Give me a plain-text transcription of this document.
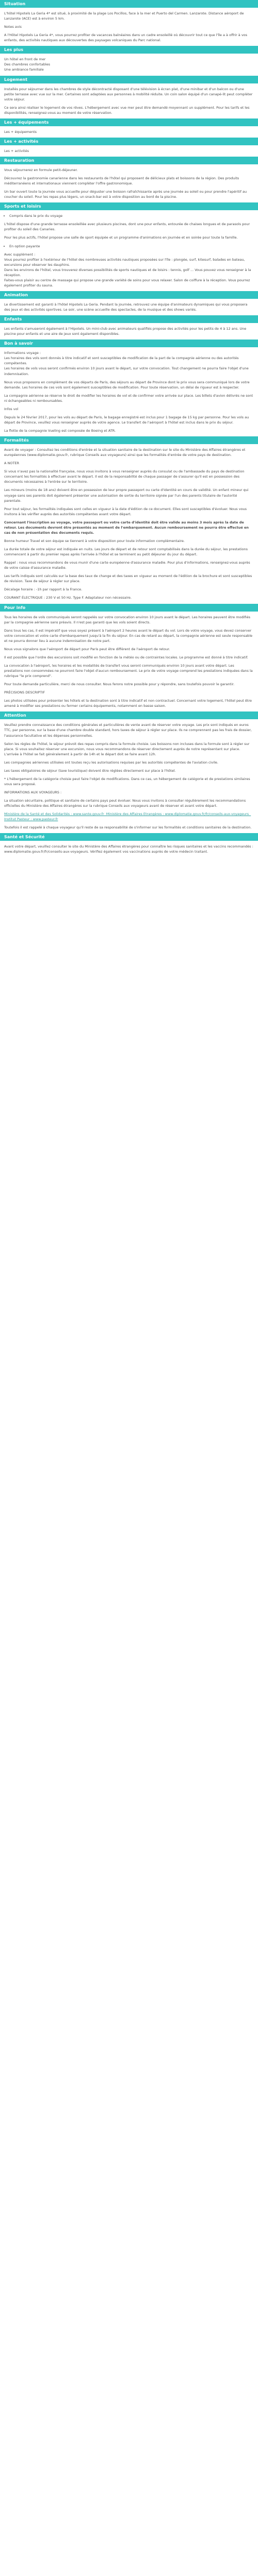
Situation
L'hôtel Hipotels La Geria 4* est situé, à proximité de la plage Los Pocillos, face à la mer et Puerto del Carmen. Lanzarote. Distance aéroport de Lanzarote (ACE) est à environ 5 km.
Notes avis
A l'Hôtel Hipotels La Geria 4*, vous pourrez profiter de vacances balnéaires dans un cadre ensoleillé où découvrir tout ce que l'île a à offrir à vos enfants, des activités nautiques aux découvertes des paysages volcaniques du Parc national.
Les plus
Un hôtel en front de mer
Des chambres confortables
Une ambiance familiale
Logement
Installés pour séjourner dans les chambres de style décontracté disposant d'une télévision à écran plat, d'une minibar et d'un balcon ou d'une petite terrasse avec vue sur la mer. Certaines sont adaptées aux personnes à mobilité réduite. Un coin salon équipé d'un canapé-lit peut compléter votre séjour.
Ce sera ainsi réaliser le logement de vos rêves. L'hébergement avec vue mer peut être demandé moyennant un supplément. Pour les tarifs et les disponibilités, renseignez-vous au moment de votre réservation.
Les + équipements
Les + équipements
Les + activités
Les + activités
Restauration
Vous séjournerez en formule petit-déjeuner.
Découvrez la gastronomie canarienne dans les restaurants de l'hôtel qui proposent de délicieux plats et boissons de la région. Des produits méditerranéens et internationaux viennent compléter l'offre gastronomique.
Un bar ouvert toute la journée vous accueille pour déguster une boisson rafraîchissante après une journée au soleil ou pour prendre l'apéritif au coucher du soleil. Pour les repas plus légers, un snack-bar est à votre disposition au bord de la piscine.
Sports et loisirs
• Compris dans le prix du voyage
L'hôtel dispose d'une grande terrasse ensoleillée avec plusieurs piscines, dont une pour enfants, entourée de chaises longues et de parasols pour profiter du soleil des Canaries.
Pour les plus actifs, l'hôtel propose une salle de sport équipée et un programme d'animations en journée et en soirée pour toute la famille.
• En option payante
Avec supplément :
Vous pourrez profiter à l'extérieur de l'hôtel des nombreuses activités nautiques proposées sur l'île : plongée, surf, kitesurf, balades en bateau, excursions pour observer les dauphins.
Dans les environs de l'hôtel, vous trouverez diverses possibilités de sports nautiques et de loisirs : tennis, golf ... Vous pouvez vous renseigner à la réception.
Faites-vous plaisir au centre de massage qui propose une grande variété de soins pour vous relaxer. Salon de coiffure à la réception. Vous pourrez également profiter du sauna.
Animation
Le divertissement est garanti à l'hôtel Hipotels La Geria. Pendant la journée, retrouvez une équipe d'animateurs dynamiques qui vous proposera des jeux et des activités sportives. Le soir, une scène accueille des spectacles, de la musique et des shows variés.
Enfants
Les enfants s'amuseront également à l'Hipotels. Un mini-club avec animateurs qualifiés propose des activités pour les petits de 4 à 12 ans. Une piscine pour enfants et une aire de jeux sont également disponibles.
Bon à savoir
Informations voyage :
Les horaires des vols sont donnés à titre indicatif et sont susceptibles de modification de la part de la compagnie aérienne ou des autorités compétentes.
Les horaires de vols vous seront confirmés environ 10 jours avant le départ, sur votre convocation. Tout changement ne pourra faire l'objet d'une indemnisation.
Nous vous proposons en complément de vos départs de Paris, des séjours au départ de Province dont le prix vous sera communiqué lors de votre demande. Les horaires de ces vols sont également susceptibles de modification. Pour toute réservation, un délai de rigueur est à respecter.
La compagnie aérienne se réserve le droit de modifier les horaires de vol et de confirmer votre arrivée sur place. Les billets d'avion délivrés ne sont ni échangeables ni remboursables.
Infos vol
Depuis le 24 février 2017, pour les vols au départ de Paris, le bagage enregistré est inclus pour 1 bagage de 15 kg par personne. Pour les vols au départ de Province, veuillez vous renseigner auprès de votre agence. Le transfert de l'aéroport à l'hôtel est inclus dans le prix du séjour.
La flotte de la compagnie Vueling est composée de Boeing et ATR.
Formalités
Avant de voyager : Consultez les conditions d'entrée et la situation sanitaire de la destination sur le site du Ministère des Affaires étrangères et européennes (www.diplomatie.gouv.fr, rubrique Conseils aux voyageurs) ainsi que les formalités d'entrée de votre pays de destination.
A NOTER
Si vous n'avez pas la nationalité française, nous vous invitons à vous renseigner auprès du consulat ou de l'ambassade du pays de destination concernant les formalités à effectuer avant le départ. Il est de la responsabilité de chaque passager de s'assurer qu'il est en possession des documents nécessaires à l'entrée sur le territoire.
Les mineurs (moins de 18 ans) doivent être en possession de leur propre passeport ou carte d'identité en cours de validité. Un enfant mineur qui voyage sans ses parents doit également présenter une autorisation de sortie du territoire signée par l'un des parents titulaire de l'autorité parentale.
Pour tout séjour, les formalités indiquées sont celles en vigueur à la date d'édition de ce document. Elles sont susceptibles d'évoluer. Nous vous invitons à les vérifier auprès des autorités compétentes avant votre départ.
Concernant l'inscription au voyage, votre passeport ou votre carte d'identité doit être valide au moins 3 mois après la date de retour. Les documents devront être présentés au moment de l'embarquement. Aucun remboursement ne pourra être effectué en cas de non présentation des documents requis.
Bonne humeur Travel et son équipe se tiennent à votre disposition pour toute information complémentaire.
La durée totale de votre séjour est indiquée en nuits. Les jours de départ et de retour sont comptabilisés dans la durée du séjour, les prestations commencent à partir du premier repas après l'arrivée à l'hôtel et se terminent au petit déjeuner du jour du départ.
Rappel : nous vous recommandons de vous munir d'une carte européenne d'assurance maladie. Pour plus d'informations, renseignez-vous auprès de votre caisse d'assurance maladie.
Les tarifs indiqués sont calculés sur la base des taux de change et des taxes en vigueur au moment de l'édition de la brochure et sont susceptibles de révision. Taxe de séjour à régler sur place.
Décalage horaire : -1h par rapport à la France.
COURANT ÉLECTRIQUE : 230 V et 50 Hz. Type F. Adaptateur non nécessaire.
Pour info
Tous les horaires de vols communiqués seront rappelés sur votre convocation environ 10 jours avant le départ. Les horaires peuvent être modifiés par la compagnie aérienne sans préavis. Il n'est pas garanti que les vols soient directs.
Dans tous les cas, il est impératif que vous soyez présent à l'aéroport 2 heures avant le départ du vol. Lors de votre voyage, vous devez conserver votre convocation et votre carte d'embarquement jusqu'à la fin du séjour. En cas de retard au départ, la compagnie aérienne est seule responsable et ne pourra donner lieu à aucune indemnisation de notre part.
Nous vous signalons que l'aéroport de départ pour Paris peut être différent de l'aéroport de retour.
Il est possible que l'ordre des excursions soit modifié en fonction de la météo ou de contraintes locales. Le programme est donné à titre indicatif.
La convocation à l'aéroport, les horaires et les modalités de transfert vous seront communiqués environ 10 jours avant votre départ. Les prestations non consommées ne pourront faire l'objet d'aucun remboursement. Le prix de votre voyage comprend les prestations indiquées dans la rubrique "le prix comprend".
Pour toute demande particulière, merci de nous consulter. Nous ferons notre possible pour y répondre, sans toutefois pouvoir le garantir.
PRÉCISIONS DESCRIPTIF
Les photos utilisées pour présenter les hôtels et la destination sont à titre indicatif et non contractuel. Concernant votre logement, l'hôtel peut être amené à modifier ses prestations ou fermer certains équipements, notamment en basse saison.
Attention
Veuillez prendre connaissance des conditions générales et particulières de vente avant de réserver votre voyage. Les prix sont indiqués en euros TTC, par personne, sur la base d'une chambre double standard, hors taxes de séjour à régler sur place. Ils ne comprennent pas les frais de dossier, l'assurance facultative et les dépenses personnelles.
Selon les règles de l'hôtel, le séjour prévoit des repas compris dans la formule choisie. Les boissons non incluses dans la formule sont à régler sur place. Si vous souhaitez réserver une excursion, nous vous recommandons de réserver directement auprès de notre représentant sur place. L'arrivée à l'hôtel se fait généralement à partir de 14h et le départ doit se faire avant 12h.
Les compagnies aériennes utilisées ont toutes reçu les autorisations requises par les autorités compétentes de l'aviation civile.
Les taxes obligatoires de séjour (taxe touristique) doivent être réglées directement sur place à l'hôtel.
* L'hébergement de la catégorie choisie peut faire l'objet de modifications. Dans ce cas, un hébergement de catégorie et de prestations similaires vous sera proposé.
INFORMATIONS AUX VOYAGEURS :
La situation sécuritaire, politique et sanitaire de certains pays peut évoluer. Nous vous invitons à consulter régulièrement les recommandations officielles du Ministère des Affaires étrangères sur la rubrique Conseils aux voyageurs avant de réserver et avant votre départ.
Ministère de la Santé et des Solidarités : www.sante.gouv.fr  Ministère des Affaires Etrangères : www.diplomatie.gouv.fr/fr/conseils-aux-voyageurs  Institut Pasteur : www.pasteur.fr
Toutefois il est rappelé à chaque voyageur qu'il reste de sa responsabilité de s'informer sur les formalités et conditions sanitaires de la destination.
Santé et Sécurité
Avant votre départ, veuillez consulter le site du Ministère des Affaires étrangères pour connaître les risques sanitaires et les vaccins recommandés : www.diplomatie.gouv.fr/fr/conseils-aux-voyageurs. Vérifiez également vos vaccinations auprès de votre médecin traitant.
